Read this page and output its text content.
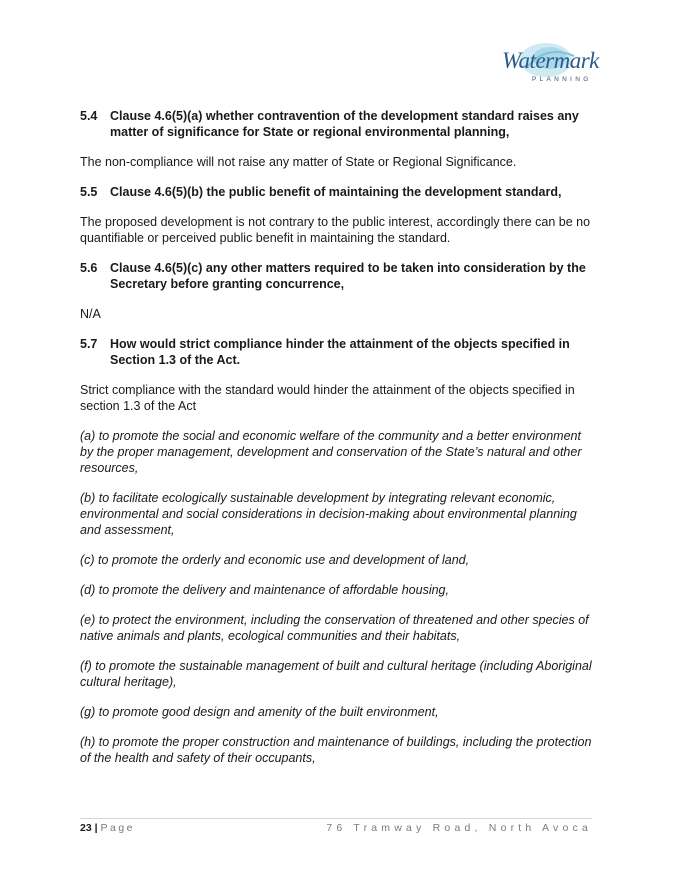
Watermark
PLANNING
5.4	Clause 4.6(5)(a) whether contravention of the development standard raises any matter of significance for State or regional environmental planning,

The non-compliance will not raise any matter of State or Regional Significance.

5.5	Clause 4.6(5)(b) the public benefit of maintaining the development standard,

The proposed development is not contrary to the public interest, accordingly there can be no quantifiable or perceived public benefit in maintaining the standard.

5.6	Clause 4.6(5)(c) any other matters required to be taken into consideration by the Secretary before granting concurrence,

N/A

5.7	How would strict compliance hinder the attainment of the objects specified in Section 1.3 of the Act.

Strict compliance with the standard would hinder the attainment of the objects specified in section 1.3 of the Act

(a) to promote the social and economic welfare of the community and a better environment by the proper management, development and conservation of the State’s natural and other resources,

(b) to facilitate ecologically sustainable development by integrating relevant economic, environmental and social considerations in decision-making about environmental planning and assessment,

(c) to promote the orderly and economic use and development of land,

(d) to promote the delivery and maintenance of affordable housing,

(e) to protect the environment, including the conservation of threatened and other species of native animals and plants, ecological communities and their habitats,

(f) to promote the sustainable management of built and cultural heritage (including Aboriginal cultural heritage),

(g) to promote good design and amenity of the built environment,

(h) to promote the proper construction and maintenance of buildings, including the protection of the health and safety of their occupants,

23 | Page	76 Tramway Road, North Avoca
